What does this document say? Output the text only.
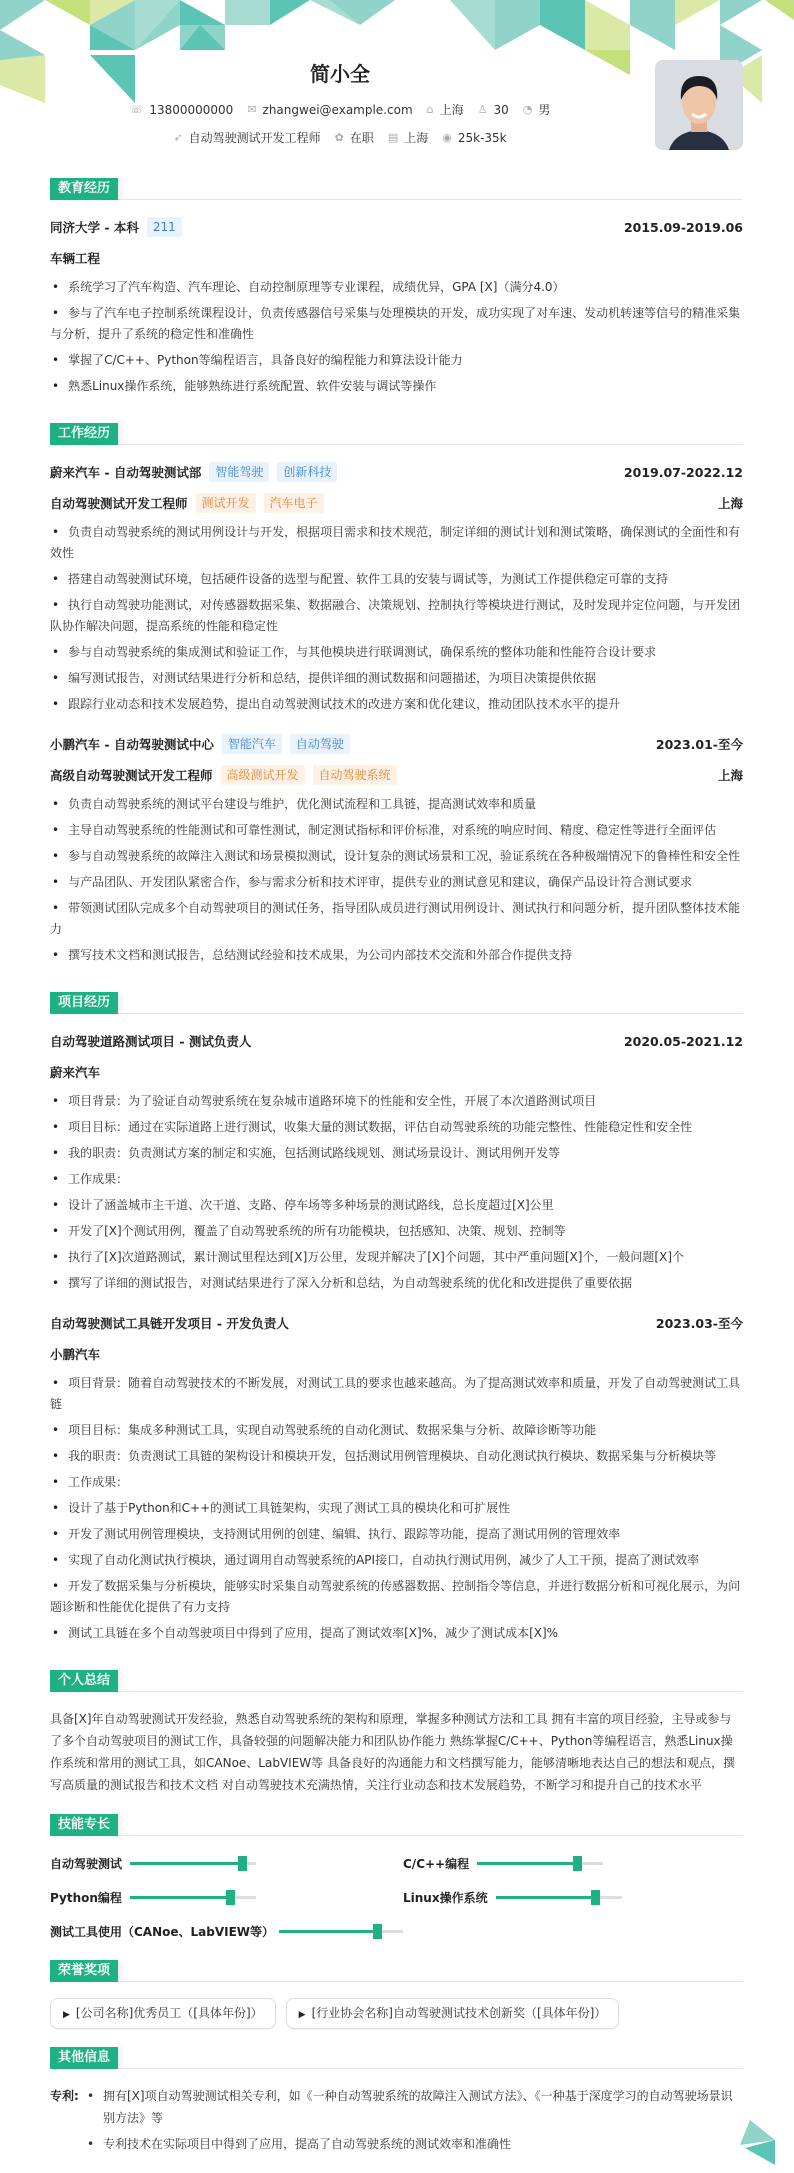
简小全
☏ 13800000000 ✉ zhangwei@example.com ⌂ 上海 ♙ 30 ◔ 男
➶ 自动驾驶测试开发工程师 ✿ 在职 ▤ 上海 ◉ 25k-35k
教育经历
同济大学 - 本科	211	2015.09-2019.06
车辆工程
• 系统学习了汽车构造、汽车理论、自动控制原理等专业课程，成绩优异，GPA [X]（满分4.0）
• 参与了汽车电子控制系统课程设计，负责传感器信号采集与处理模块的开发，成功实现了对车速、发动机转速等信号的精准采集与分析，提升了系统的稳定性和准确性
• 掌握了C/C++、Python等编程语言，具备良好的编程能力和算法设计能力
• 熟悉Linux操作系统，能够熟练进行系统配置、软件安装与调试等操作
工作经历
蔚来汽车 - 自动驾驶测试部	智能驾驶	创新科技	2019.07-2022.12
自动驾驶测试开发工程师	测试开发	汽车电子	上海
• 负责自动驾驶系统的测试用例设计与开发，根据项目需求和技术规范，制定详细的测试计划和测试策略，确保测试的全面性和有效性
• 搭建自动驾驶测试环境，包括硬件设备的选型与配置、软件工具的安装与调试等，为测试工作提供稳定可靠的支持
• 执行自动驾驶功能测试，对传感器数据采集、数据融合、决策规划、控制执行等模块进行测试，及时发现并定位问题，与开发团队协作解决问题，提高系统的性能和稳定性
• 参与自动驾驶系统的集成测试和验证工作，与其他模块进行联调测试，确保系统的整体功能和性能符合设计要求
• 编写测试报告，对测试结果进行分析和总结，提供详细的测试数据和问题描述，为项目决策提供依据
• 跟踪行业动态和技术发展趋势，提出自动驾驶测试技术的改进方案和优化建议，推动团队技术水平的提升
小鹏汽车 - 自动驾驶测试中心	智能汽车	自动驾驶	2023.01-至今
高级自动驾驶测试开发工程师	高级测试开发	自动驾驶系统	上海
• 负责自动驾驶系统的测试平台建设与维护，优化测试流程和工具链，提高测试效率和质量
• 主导自动驾驶系统的性能测试和可靠性测试，制定测试指标和评价标准，对系统的响应时间、精度、稳定性等进行全面评估
• 参与自动驾驶系统的故障注入测试和场景模拟测试，设计复杂的测试场景和工况，验证系统在各种极端情况下的鲁棒性和安全性
• 与产品团队、开发团队紧密合作，参与需求分析和技术评审，提供专业的测试意见和建议，确保产品设计符合测试要求
• 带领测试团队完成多个自动驾驶项目的测试任务，指导团队成员进行测试用例设计、测试执行和问题分析，提升团队整体技术能力
• 撰写技术文档和测试报告，总结测试经验和技术成果，为公司内部技术交流和外部合作提供支持
项目经历
自动驾驶道路测试项目 - 测试负责人	2020.05-2021.12
蔚来汽车
• 项目背景：为了验证自动驾驶系统在复杂城市道路环境下的性能和安全性，开展了本次道路测试项目
• 项目目标：通过在实际道路上进行测试，收集大量的测试数据，评估自动驾驶系统的功能完整性、性能稳定性和安全性
• 我的职责：负责测试方案的制定和实施，包括测试路线规划、测试场景设计、测试用例开发等
• 工作成果：
• 设计了涵盖城市主干道、次干道、支路、停车场等多种场景的测试路线，总长度超过[X]公里
• 开发了[X]个测试用例，覆盖了自动驾驶系统的所有功能模块，包括感知、决策、规划、控制等
• 执行了[X]次道路测试，累计测试里程达到[X]万公里，发现并解决了[X]个问题，其中严重问题[X]个，一般问题[X]个
• 撰写了详细的测试报告，对测试结果进行了深入分析和总结，为自动驾驶系统的优化和改进提供了重要依据
自动驾驶测试工具链开发项目 - 开发负责人	2023.03-至今
小鹏汽车
• 项目背景：随着自动驾驶技术的不断发展，对测试工具的要求也越来越高。为了提高测试效率和质量，开发了自动驾驶测试工具链
• 项目目标：集成多种测试工具，实现自动驾驶系统的自动化测试、数据采集与分析、故障诊断等功能
• 我的职责：负责测试工具链的架构设计和模块开发，包括测试用例管理模块、自动化测试执行模块、数据采集与分析模块等
• 工作成果：
• 设计了基于Python和C++的测试工具链架构，实现了测试工具的模块化和可扩展性
• 开发了测试用例管理模块，支持测试用例的创建、编辑、执行、跟踪等功能，提高了测试用例的管理效率
• 实现了自动化测试执行模块，通过调用自动驾驶系统的API接口，自动执行测试用例，减少了人工干预，提高了测试效率
• 开发了数据采集与分析模块，能够实时采集自动驾驶系统的传感器数据、控制指令等信息，并进行数据分析和可视化展示，为问题诊断和性能优化提供了有力支持
• 测试工具链在多个自动驾驶项目中得到了应用，提高了测试效率[X]%，减少了测试成本[X]%
个人总结

具备[X]年自动驾驶测试开发经验，熟悉自动驾驶系统的架构和原理，掌握多种测试方法和工具 拥有丰富的项目经验，主导或参与了多个自动驾驶项目的测试工作，具备较强的问题解决能力和团队协作能力 熟练掌握C/C++、Python等编程语言，熟悉Linux操作系统和常用的测试工具，如CANoe、LabVIEW等 具备良好的沟通能力和文档撰写能力，能够清晰地表达自己的想法和观点，撰写高质量的测试报告和技术文档 对自动驾驶技术充满热情，关注行业动态和技术发展趋势，不断学习和提升自己的技术水平

技能专长
自动驾驶测试	C/C++编程
Python编程	Linux操作系统
测试工具使用（CANoe、LabVIEW等）
荣誉奖项
▶ [公司名称]优秀员工（[具体年份]）	▶ [行业协会名称]自动驾驶测试技术创新奖（[具体年份]）
其他信息
专利:	• 拥有[X]项自动驾驶测试相关专利，如《一种自动驾驶系统的故障注入测试方法》、《一种基于深度学习的自动驾驶场景识别方法》等
• 专利技术在实际项目中得到了应用，提高了自动驾驶系统的测试效率和准确性
